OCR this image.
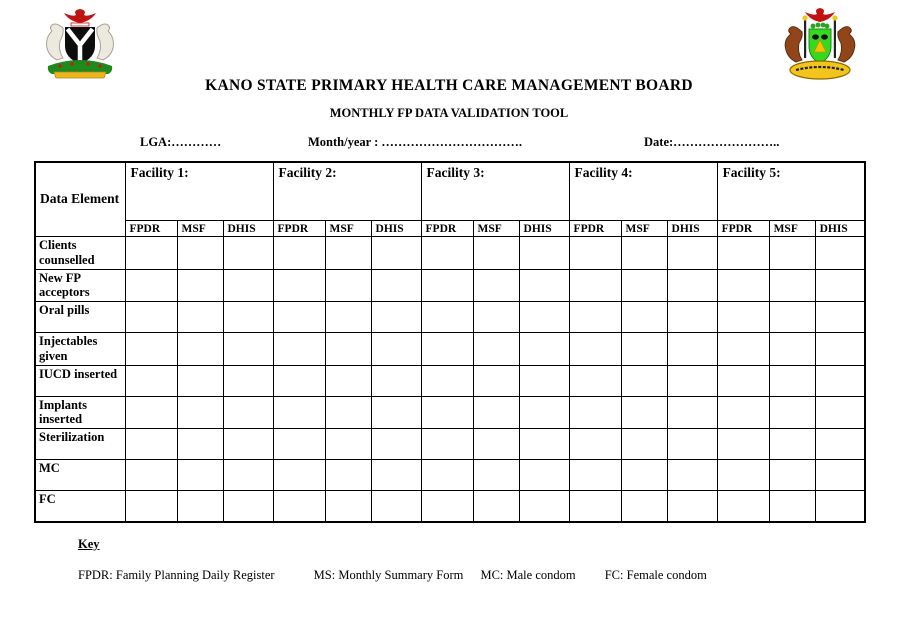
KANO STATE PRIMARY HEALTH CARE MANAGEMENT BOARD
MONTHLY FP DATA VALIDATION TOOL
LGA:…………	Month/year : …………………………….	Date:……………………..
Data Element	Facility 1:			Facility 2:			Facility 3:			Facility 4:			Facility 5:		
	FPDR	MSF	DHIS	FPDR	MSF	DHIS	FPDR	MSF	DHIS	FPDR	MSF	DHIS	FPDR	MSF	DHIS
Clients counselled															
New FP acceptors															
Oral pills															
Injectables given															
IUCD inserted															
Implants inserted															
Sterilization															
MC															
FC															
Key
FPDR: Family Planning Daily Register	MS: Monthly Summary Form MC: Male condom FC: Female condom
